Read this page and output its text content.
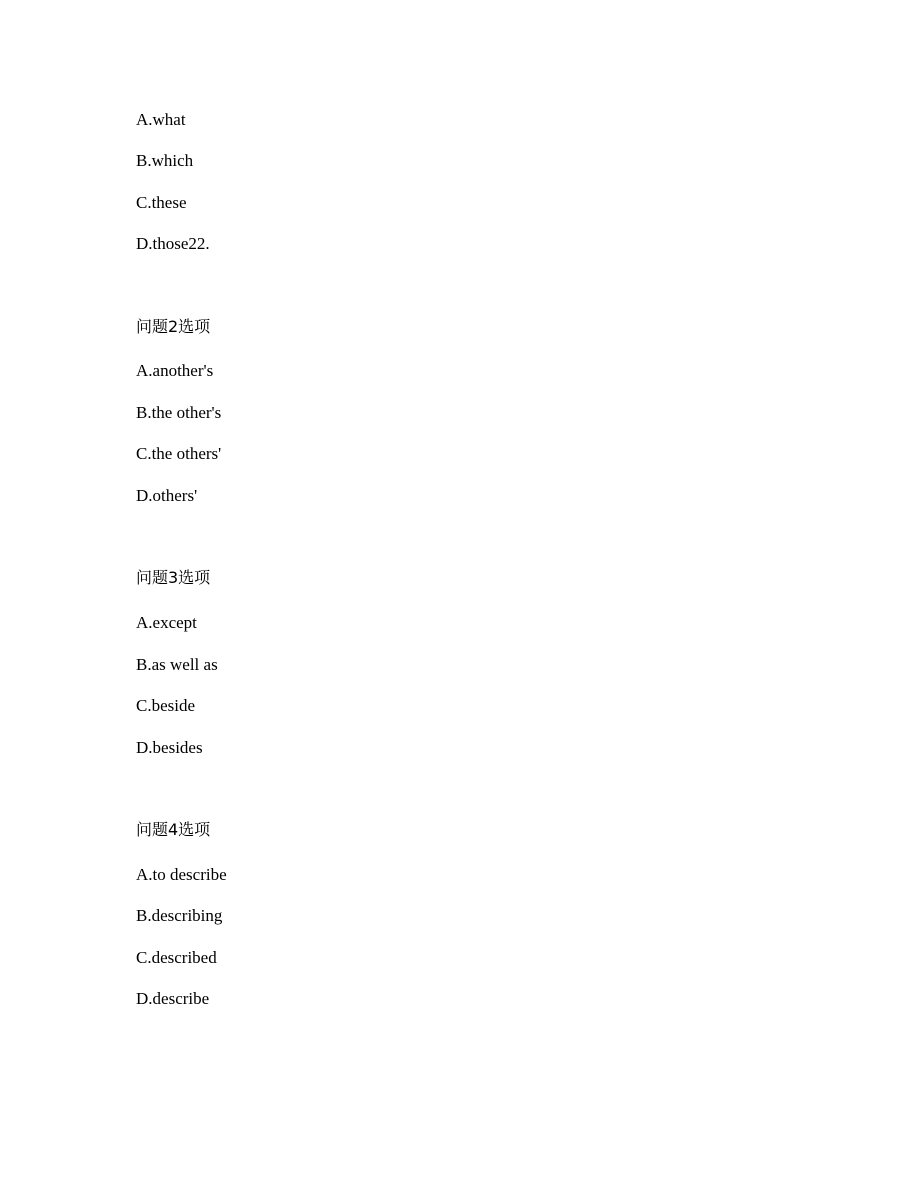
A.what
B.which
C.these
D.those22.
问题2选项
A.another's
B.the other's
C.the others'
D.others'
问题3选项
A.except
B.as well as
C.beside
D.besides
问题4选项
A.to describe
B.describing
C.described
D.describe
